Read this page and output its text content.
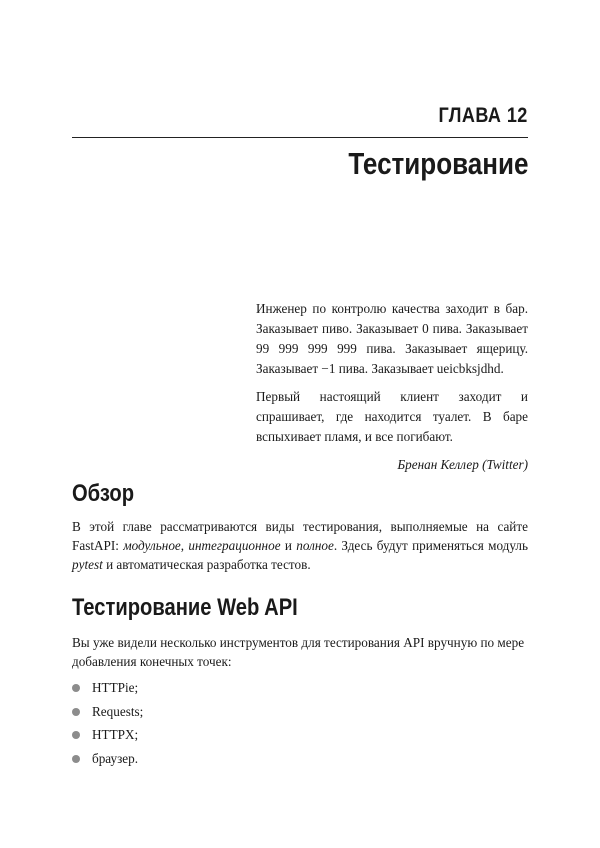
ГЛАВА 12
Тестирование

Инженер по контролю качества заходит в бар. Заказывает пиво. Заказывает 0 пива. Заказывает 99 999 999 999 пива. Заказывает ящерицу. Заказывает −1 пива. Заказывает ueicbksjdhd.

Первый настоящий клиент заходит и спрашивает, где находится туалет. В баре вспыхивает пламя, и все погибают.

Бренан Келлер (Twitter)

Обзор

В этой главе рассматриваются виды тестирования, выполняемые на сайте FastAPI: модульное, интеграционное и полное. Здесь будут применяться модуль pytest и автоматическая разработка тестов.

Тестирование Web API

Вы уже видели несколько инструментов для тестирования API вручную по мере добавления конечных точек:

HTTPie;
Requests;
HTTPX;
браузер.
